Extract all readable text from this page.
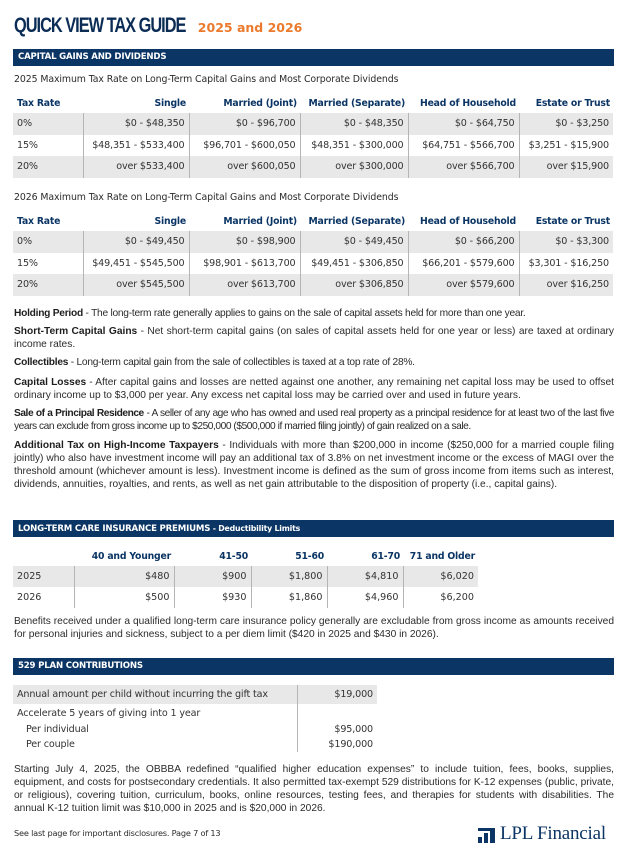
QUICK VIEW TAX GUIDE 2025 and 2026
CAPITAL GAINS AND DIVIDENDS
2025 Maximum Tax Rate on Long-Term Capital Gains and Most Corporate Dividends
Tax Rate	Single	Married (Joint)	Married (Separate)	Head of Household	Estate or Trust
0%	$0 - $48,350	$0 - $96,700	$0 - $48,350	$0 - $64,750	$0 - $3,250
15%	$48,351 - $533,400	$96,701 - $600,050	$48,351 - $300,000	$64,751 - $566,700	$3,251 - $15,900
20%	over $533,400	over $600,050	over $300,000	over $566,700	over $15,900
2026 Maximum Tax Rate on Long-Term Capital Gains and Most Corporate Dividends
Tax Rate	Single	Married (Joint)	Married (Separate)	Head of Household	Estate or Trust
0%	$0 - $49,450	$0 - $98,900	$0 - $49,450	$0 - $66,200	$0 - $3,300
15%	$49,451 - $545,500	$98,901 - $613,700	$49,451 - $306,850	$66,201 - $579,600	$3,301 - $16,250
20%	over $545,500	over $613,700	over $306,850	over $579,600	over $16,250
Holding Period - The long-term rate generally applies to gains on the sale of capital assets held for more than one year.
Short-Term Capital Gains - Net short-term capital gains (on sales of capital assets held for one year or less) are taxed at ordinary income rates.
Collectibles - Long-term capital gain from the sale of collectibles is taxed at a top rate of 28%.
Capital Losses - After capital gains and losses are netted against one another, any remaining net capital loss may be used to offset ordinary income up to $3,000 per year. Any excess net capital loss may be carried over and used in future years.
Sale of a Principal Residence - A seller of any age who has owned and used real property as a principal residence for at least two of the last five years can exclude from gross income up to $250,000 ($500,000 if married filing jointly) of gain realized on a sale.
Additional Tax on High-Income Taxpayers - Individuals with more than $200,000 in income ($250,000 for a married couple filing jointly) who also have investment income will pay an additional tax of 3.8% on net investment income or the excess of MAGI over the threshold amount (whichever amount is less). Investment income is defined as the sum of gross income from items such as interest, dividends, annuities, royalties, and rents, as well as net gain attributable to the disposition of property (i.e., capital gains).
LONG-TERM CARE INSURANCE PREMIUMS - Deductibility Limits
	40 and Younger	41-50	51-60	61-70	71 and Older
2025	$480	$900	$1,800	$4,810	$6,020
2026	$500	$930	$1,860	$4,960	$6,200
Benefits received under a qualified long-term care insurance policy generally are excludable from gross income as amounts received for personal injuries and sickness, subject to a per diem limit ($420 in 2025 and $430 in 2026).
529 PLAN CONTRIBUTIONS
Annual amount per child without incurring the gift tax	$19,000
Accelerate 5 years of giving into 1 year	
Per individual	$95,000
Per couple	$190,000
Starting July 4, 2025, the OBBBA redefined “qualified higher education expenses” to include tuition, fees, books, supplies, equipment, and costs for postsecondary credentials. It also permitted tax-exempt 529 distributions for K-12 expenses (public, private, or religious), covering tuition, curriculum, books, online resources, testing fees, and therapies for students with disabilities. The annual K-12 tuition limit was $10,000 in 2025 and is $20,000 in 2026.
See last page for important disclosures. Page 7 of 13	LPL Financial
